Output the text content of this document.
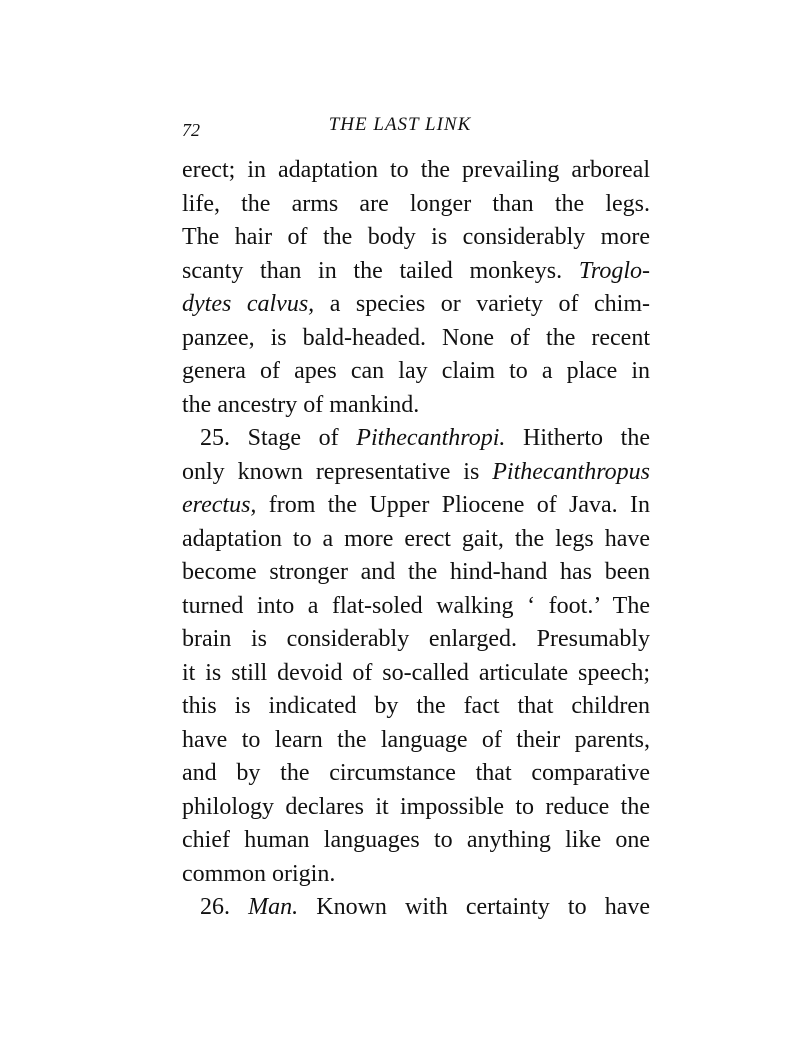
72	THE LAST LINK
erect; in adaptation to the prevailing arboreal
life, the arms are longer than the legs.
The hair of the body is considerably more
scanty than in the tailed monkeys. Troglo-
dytes calvus, a species or variety of chim-
panzee, is bald-headed. None of the recent
genera of apes can lay claim to a place in
the ancestry of mankind.
25. Stage of Pithecanthropi. Hitherto the
only known representative is Pithecanthropus
erectus, from the Upper Pliocene of Java. In
adaptation to a more erect gait, the legs have
become stronger and the hind-hand has been
turned into a flat-soled walking ‘ foot.’ The
brain is considerably enlarged. Presumably
it is still devoid of so-called articulate speech;
this is indicated by the fact that children
have to learn the language of their parents,
and by the circumstance that comparative
philology declares it impossible to reduce the
chief human languages to anything like one
common origin.
26. Man. Known with certainty to have
